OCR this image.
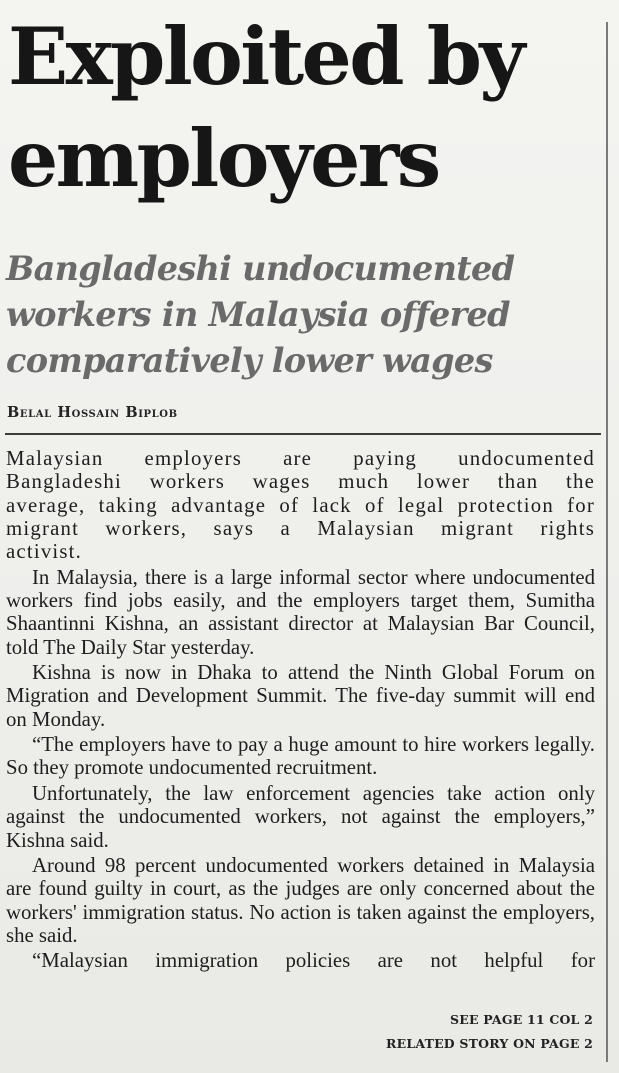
Exploited by employers
Bangladeshi undocumented workers in Malaysia offered comparatively lower wages
Belal Hossain Biplob

Malaysian employers are paying undocumented Bangladeshi workers wages much lower than the average, taking advantage of lack of legal protection for migrant workers, says a Malaysian migrant rights activist.

In Malaysia, there is a large informal sector where undocumented workers find jobs easily, and the employers target them, Sumitha Shaantinni Kishna, an assistant director at Malaysian Bar Council, told The Daily Star yesterday.

Kishna is now in Dhaka to attend the Ninth Global Forum on Migration and Development Summit. The five-day summit will end on Monday.

“The employers have to pay a huge amount to hire workers legally. So they promote undocumented recruitment.

Unfortunately, the law enforcement agencies take action only against the undocumented workers, not against the employers,” Kishna said.

Around 98 percent undocumented workers detained in Malaysia are found guilty in court, as the judges are only concerned about the workers' immigration status. No action is taken against the employers, she said.

“Malaysian immigration policies are not helpful for

SEE PAGE 11 COL 2
RELATED STORY ON PAGE 2
